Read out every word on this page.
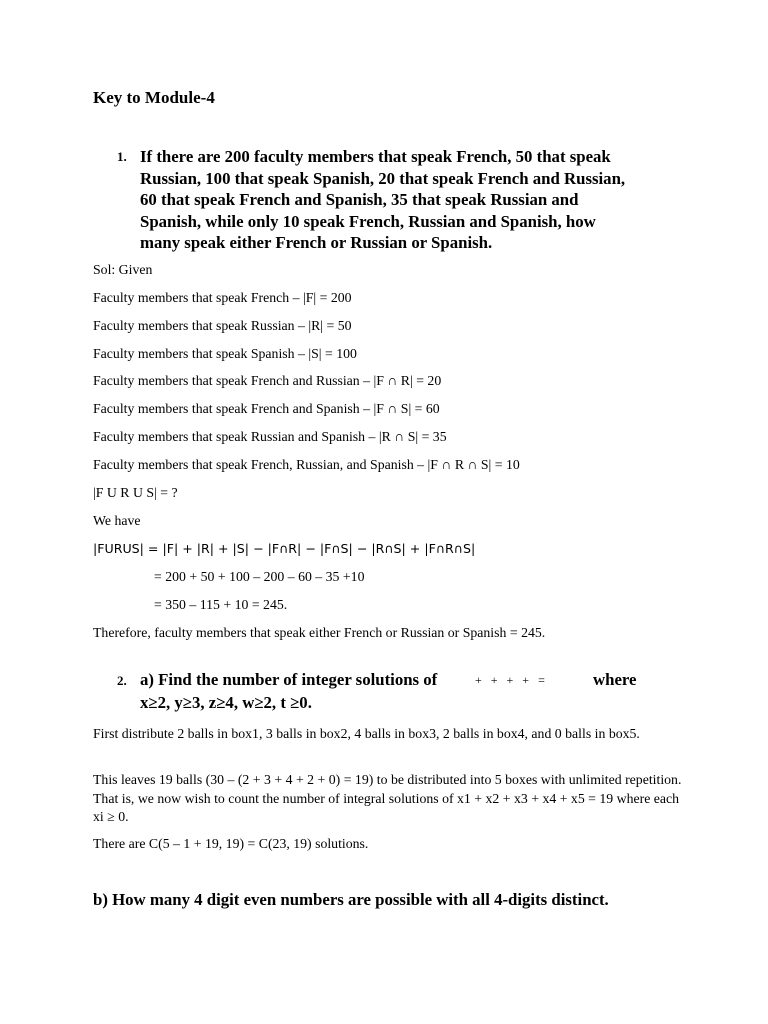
Key to Module-4
1. If there are 200 faculty members that speak French, 50 that speak
Russian, 100 that speak Spanish, 20 that speak French and Russian,
60 that speak French and Spanish, 35 that speak Russian and
Spanish, while only 10 speak French, Russian and Spanish, how
many speak either French or Russian or Spanish.
Sol: Given
Faculty members that speak French – |F| = 200
Faculty members that speak Russian – |R| = 50
Faculty members that speak Spanish – |S| = 100
Faculty members that speak French and Russian – |F ∩ R| = 20
Faculty members that speak French and Spanish – |F ∩ S| = 60
Faculty members that speak Russian and Spanish – |R ∩ S| = 35
Faculty members that speak French, Russian, and Spanish – |F ∩ R ∩ S| = 10
|F U R U S| = ?
We have
|FURUS| = |F| + |R| + |S| − |F∩R| − |F∩S| − |R∩S| + |F∩R∩S|
= 200 + 50 + 100 – 200 – 60 – 35 +10
= 350 – 115 + 10 = 245.
Therefore, faculty members that speak either French or Russian or Spanish = 245.
2. a) Find the number of integer solutions of	+ + + + =	where
x≥2, y≥3, z≥4, w≥2, t ≥0.
First distribute 2 balls in box1, 3 balls in box2, 4 balls in box3, 2 balls in box4, and 0 balls in box5.
This leaves 19 balls (30 – (2 + 3 + 4 + 2 + 0) = 19) to be distributed into 5 boxes with unlimited repetition. That is, we now wish to count the number of integral solutions of x1 + x2 + x3 + x4 + x5 = 19 where each xi ≥ 0.
There are C(5 – 1 + 19, 19) = C(23, 19) solutions.
b) How many 4 digit even numbers are possible with all 4-digits distinct.
